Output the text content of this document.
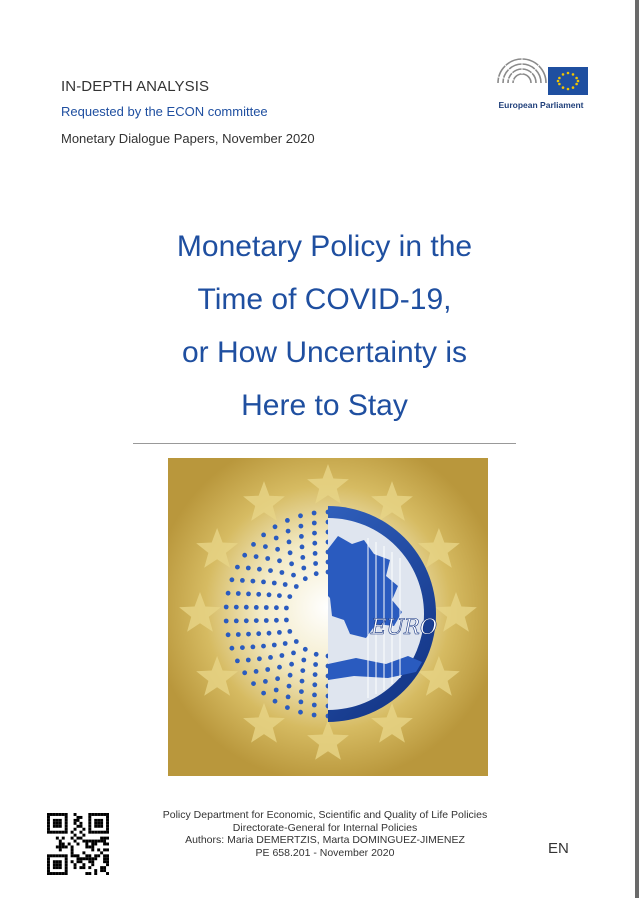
IN-DEPTH ANALYSIS
Requested by the ECON committee
Monetary Dialogue Papers, November 2020
European Parliament
Monetary Policy in the
Time of COVID-19,
or How Uncertainty is
Here to Stay
EURO
Policy Department for Economic, Scientific and Quality of Life Policies
Directorate-General for Internal Policies
Authors: Maria DEMERTZIS, Marta DOMINGUEZ-JIMENEZ
PE 658.201 - November 2020	EN
